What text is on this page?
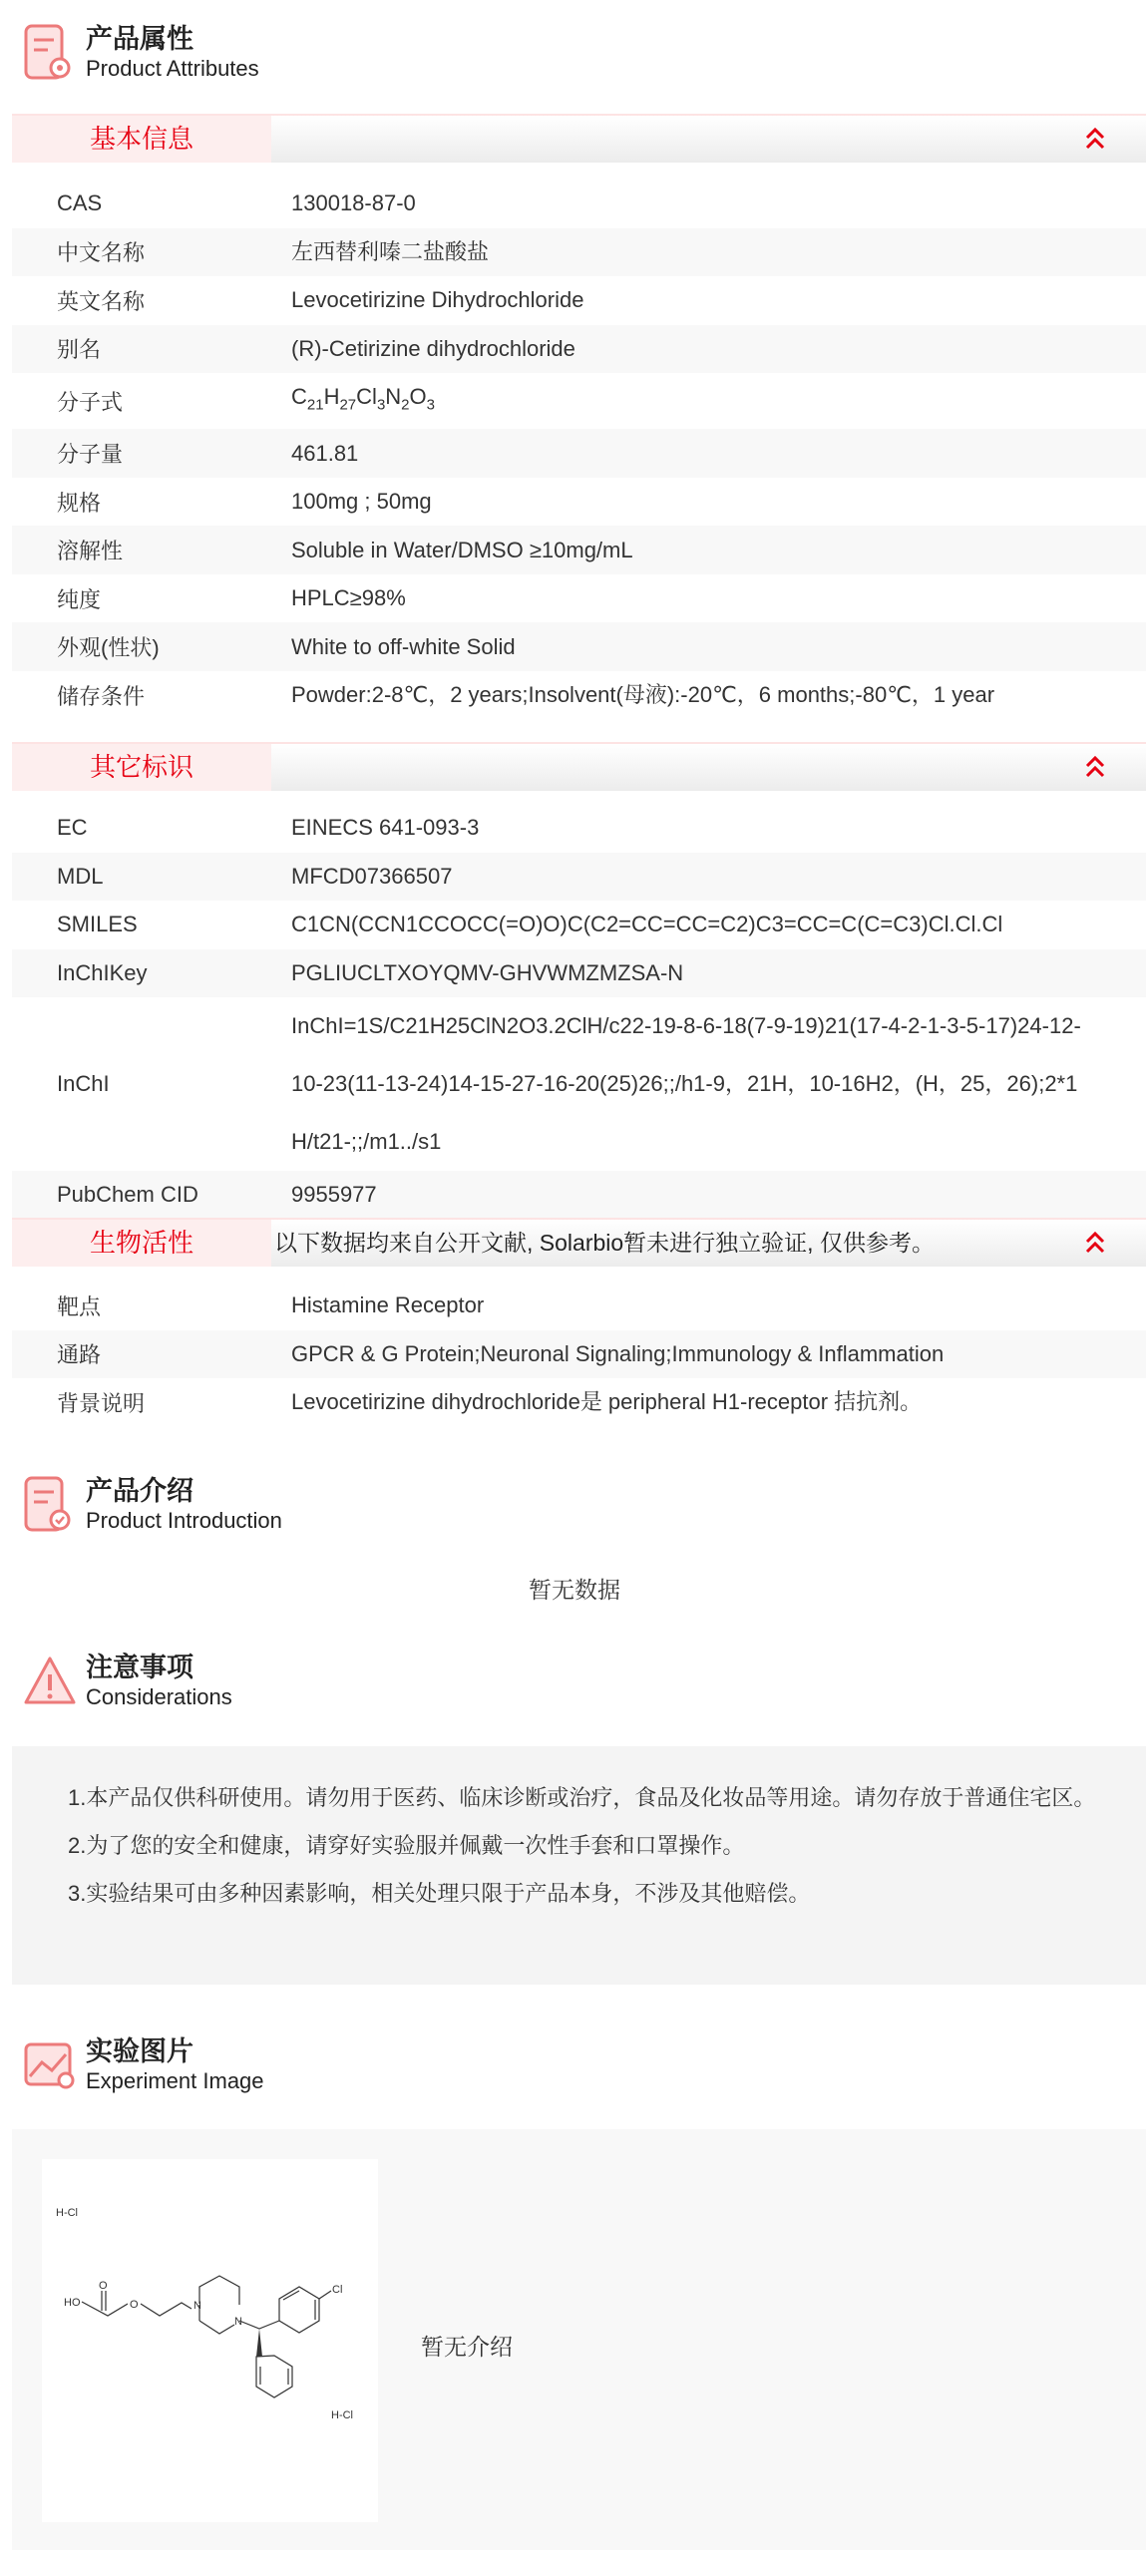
产品属性
Product Attributes
基本信息
CAS	130018-87-0
中文名称	左西替利嗪二盐酸盐
英文名称	Levocetirizine Dihydrochloride
别名	(R)-Cetirizine dihydrochloride
分子式	$C_{21}H_{27}Cl_3N_2O_3$
分子量	461.81
规格	100mg ; 50mg
溶解性	Soluble in Water/DMSO ≥10mg/mL
纯度	HPLC≥98%
外观(性状)	White to off-white Solid
储存条件	Powder:2-8℃，2 years;Insolvent(母液):-20℃，6 months;-80℃，1 year
其它标识
EC	EINECS 641-093-3
MDL	MFCD07366507
SMILES	C1CN(CCN1CCOCC(=O)O)C(C2=CC=CC=C2)C3=CC=C(C=C3)Cl.Cl.Cl
InChIKey	PGLIUCLTXOYQMV-GHVWMZMZSA-N
InChI
InChI=1S/C21H25ClN2O3.2ClH/c22-19-8-6-18(7-9-19)21(17-4-2-1-3-5-17)24-12-10-23(11-13-24)14-15-27-16-20(25)26;;/h1-9，21H，10-16H2，(H，25，26);2*1H/t21-;;/m1../s1
PubChem CID	9955977
生物活性	以下数据均来自公开文献, Solarbio暂未进行独立验证, 仅供参考。
靶点	Histamine Receptor
通路	GPCR & G Protein;Neuronal Signaling;Immunology & Inflammation
背景说明	Levocetirizine dihydrochloride是 peripheral H1-receptor 拮抗剂。
产品介绍
Product Introduction
暂无数据
注意事项
Considerations
1.本产品仅供科研使用。请勿用于医药、临床诊断或治疗，食品及化妆品等用途。请勿存放于普通住宅区。
2.为了您的安全和健康，请穿好实验服并佩戴一次性手套和口罩操作。
3.实验结果可由多种因素影响，相关处理只限于产品本身，不涉及其他赔偿。
实验图片
Experiment Image
H-Cl
HO
O
O	N
N
Cl
H-Cl
暂无介绍
